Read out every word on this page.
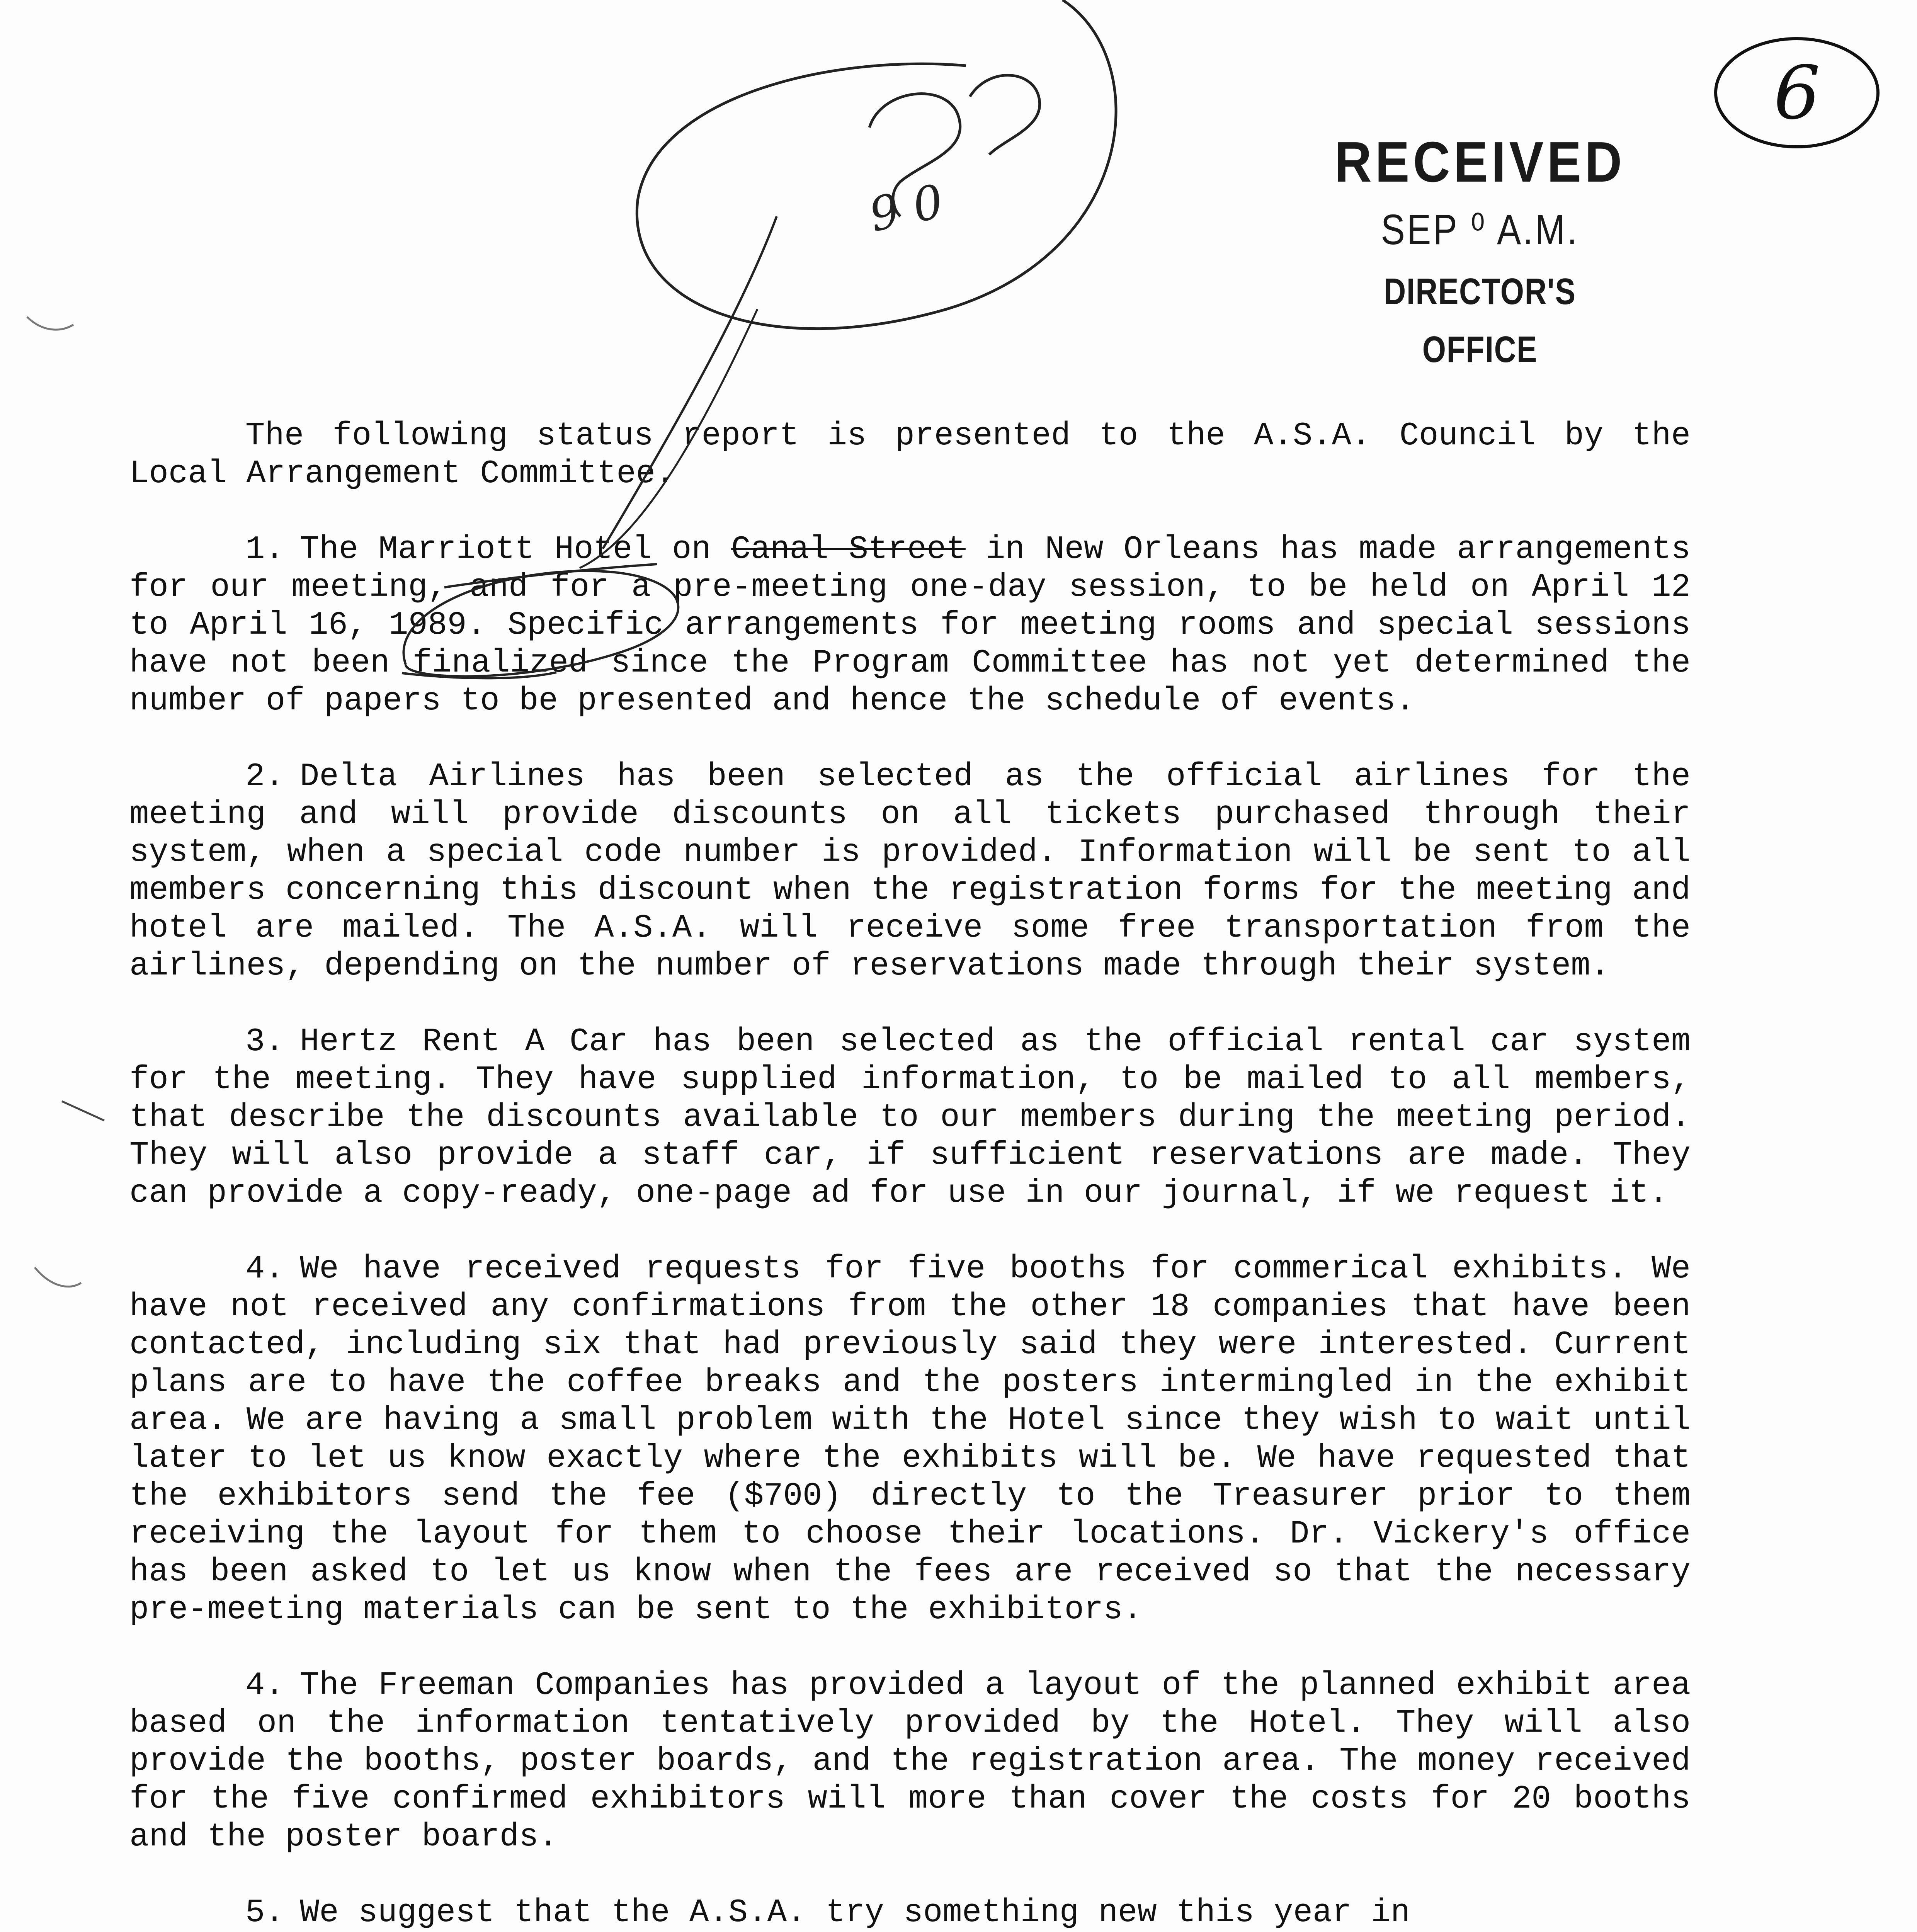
RECEIVED
SEP ⁰ A.M.
DIRECTOR'S OFFICE

The following status report is presented to the A.S.A. Council by the Local Arrangement Committee.

1. The Marriott Hotel on Canal Street in New Orleans has made arrangements for our meeting, and for a pre-meeting one-day session, to be held on April 12 to April 16, 1989. Specific arrangements for meeting rooms and special sessions have not been finalized since the Program Committee has not yet determined the number of papers to be presented and hence the schedule of events.

2. Delta Airlines has been selected as the official airlines for the meeting and will provide discounts on all tickets purchased through their system, when a special code number is provided. Information will be sent to all members concerning this discount when the registration forms for the meeting and hotel are mailed. The A.S.A. will receive some free transportation from the airlines, depending on the number of reservations made through their system.

3. Hertz Rent A Car has been selected as the official rental car system for the meeting. They have supplied information, to be mailed to all members, that describe the discounts available to our members during the meeting period. They will also provide a staff car, if sufficient reservations are made. They can provide a copy-ready, one-page ad for use in our journal, if we request it.

4. We have received requests for five booths for commerical exhibits. We have not received any confirmations from the other 18 companies that have been contacted, including six that had previously said they were interested. Current plans are to have the coffee breaks and the posters intermingled in the exhibit area. We are having a small problem with the Hotel since they wish to wait until later to let us know exactly where the exhibits will be. We have requested that the exhibitors send the fee ($700) directly to the Treasurer prior to them receiving the layout for them to choose their locations. Dr. Vickery's office has been asked to let us know when the fees are received so that the necessary pre-meeting materials can be sent to the exhibitors.

4. The Freeman Companies has provided a layout of the planned exhibit area based on the information tentatively provided by the Hotel. They will also provide the booths, poster boards, and the registration area. The money received for the five confirmed exhibitors will more than cover the costs for 20 booths and the poster boards.

5. We suggest that the A.S.A. try something new this year in

6
9 0
